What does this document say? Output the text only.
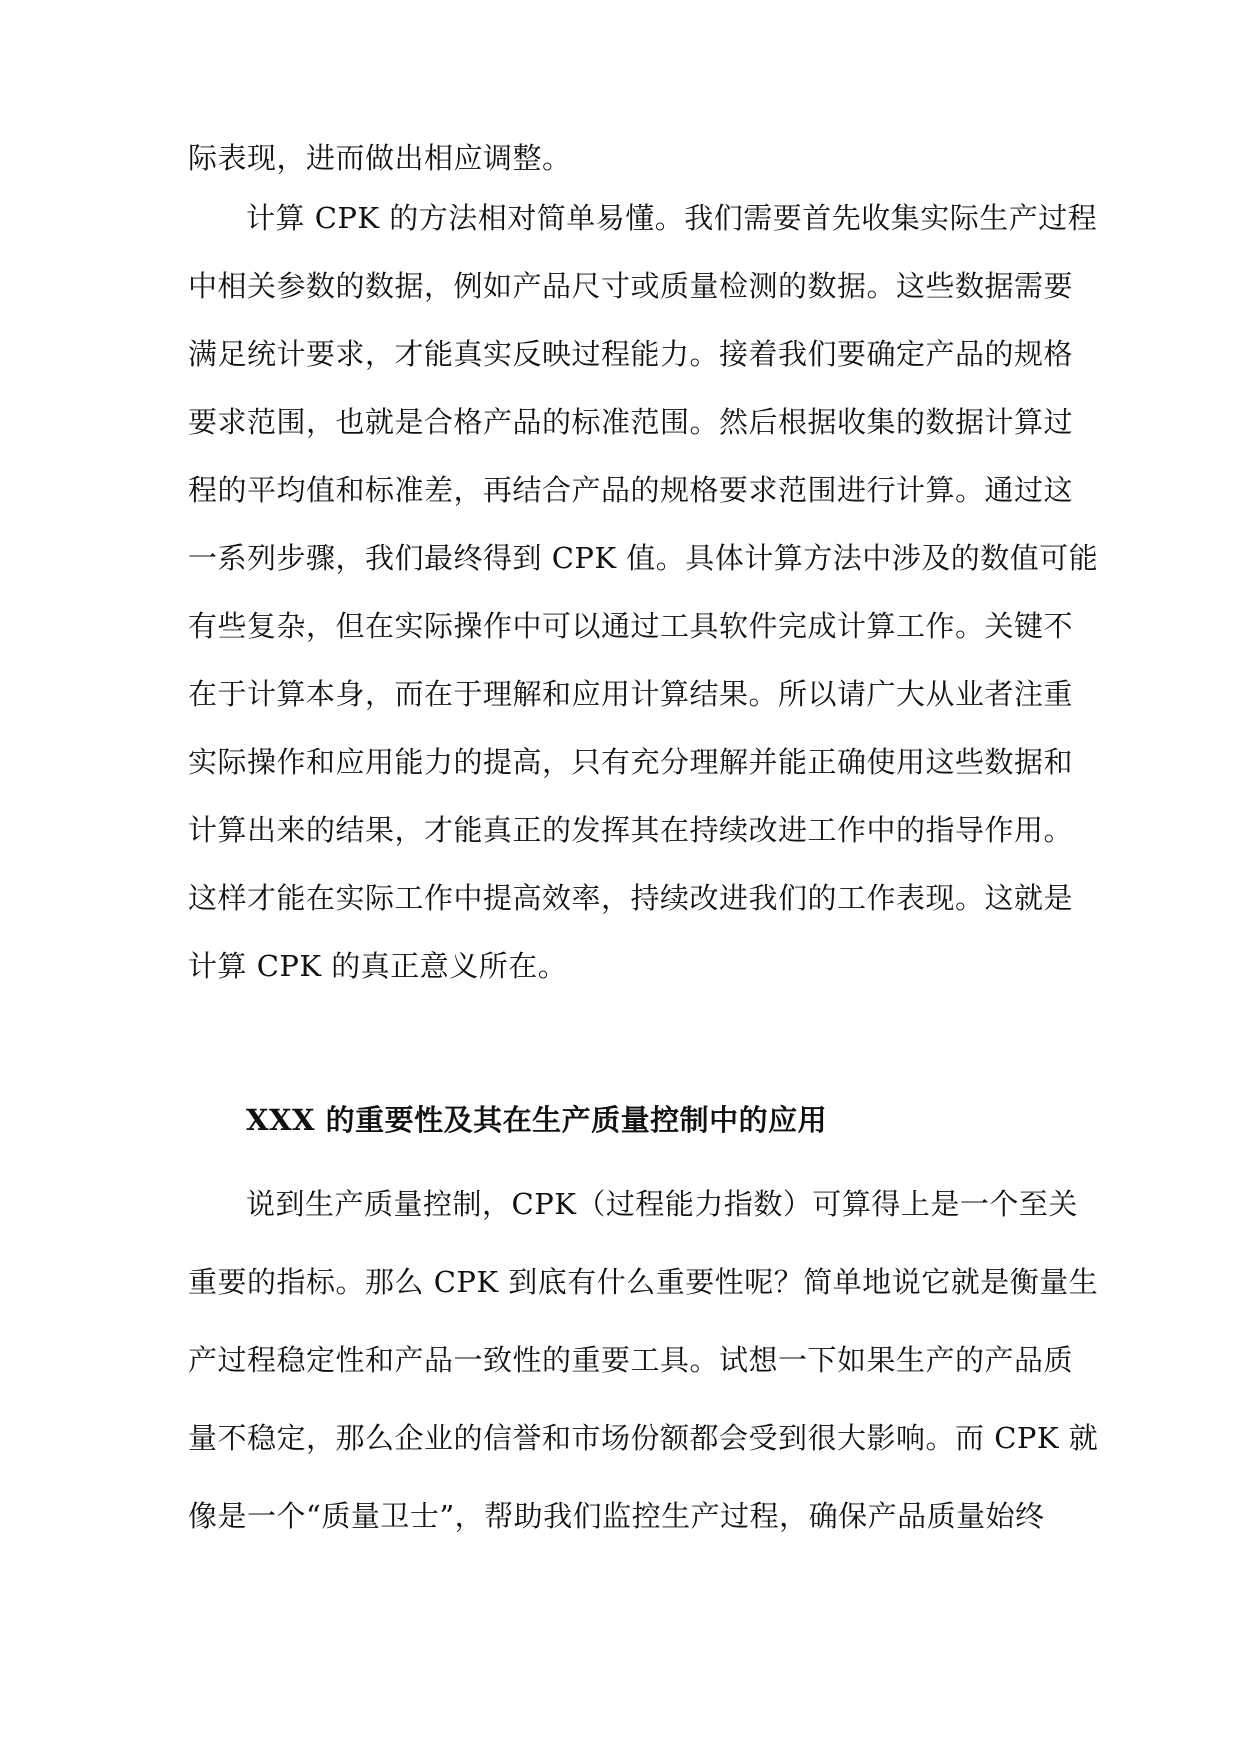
际表现，进而做出相应调整。
计算 CPK 的方法相对简单易懂。我们需要首先收集实际生产过程
中相关参数的数据，例如产品尺寸或质量检测的数据。这些数据需要
满足统计要求，才能真实反映过程能力。接着我们要确定产品的规格
要求范围，也就是合格产品的标准范围。然后根据收集的数据计算过
程的平均值和标准差，再结合产品的规格要求范围进行计算。通过这
一系列步骤，我们最终得到 CPK 值。具体计算方法中涉及的数值可能
有些复杂，但在实际操作中可以通过工具软件完成计算工作。关键不
在于计算本身，而在于理解和应用计算结果。所以请广大从业者注重
实际操作和应用能力的提高，只有充分理解并能正确使用这些数据和
计算出来的结果，才能真正的发挥其在持续改进工作中的指导作用。
这样才能在实际工作中提高效率，持续改进我们的工作表现。这就是
计算 CPK 的真正意义所在。
XXX 的重要性及其在生产质量控制中的应用
说到生产质量控制，CPK（过程能力指数）可算得上是一个至关
重要的指标。那么 CPK 到底有什么重要性呢？简单地说它就是衡量生
产过程稳定性和产品一致性的重要工具。试想一下如果生产的产品质
量不稳定，那么企业的信誉和市场份额都会受到很大影响。而 CPK 就
像是一个“质量卫士”，帮助我们监控生产过程，确保产品质量始终
